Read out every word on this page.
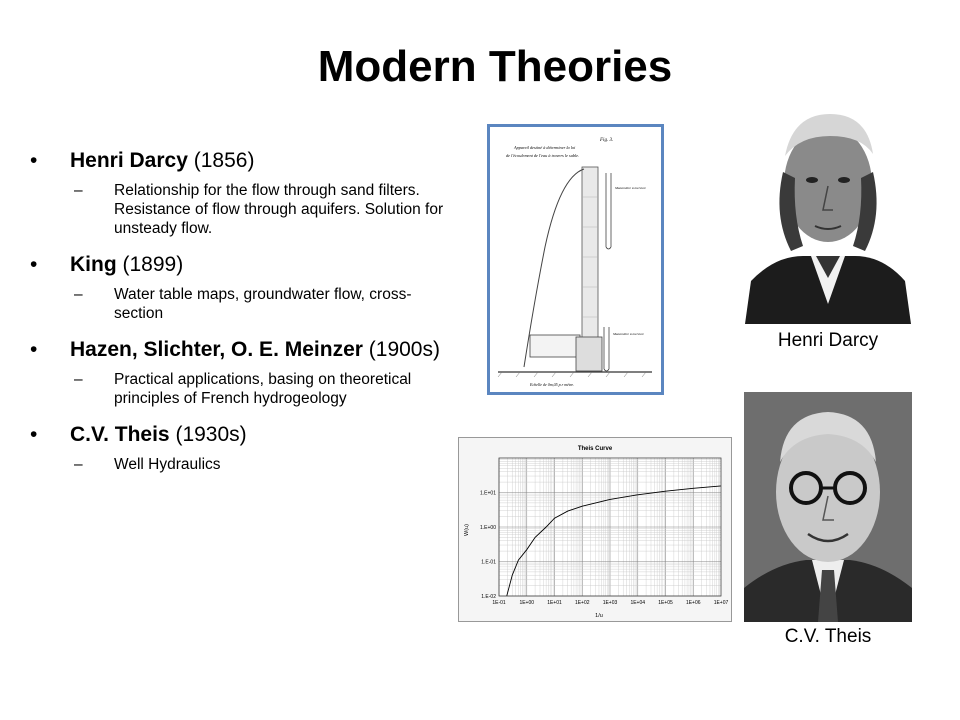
Modern Theories
• Henri Darcy (1856)
– Relationship for the flow through sand filters. Resistance of flow through aquifers. Solution for unsteady flow.
• King (1899)
– Water table maps, groundwater flow, cross-section
• Hazen, Slichter, O. E. Meinzer (1900s)
– Practical applications, basing on theoretical principles of French hydrogeology
• C.V. Theis (1930s)
– Well Hydraulics
Fig. 3.
Appareil destiné à déterminer la loi
de l'écoulement de l'eau à travers le sable.
Manomètre à mercure
Manomètre à mercure
Echelle de 0m,05 p.r mètre.
Henri Darcy
C.V. Theis
Theis Curve
1E-01	1E+00	1E+01	1E+02	1E+03	1E+04	1E+05	1E+06	1E+07
1.E-02
1.E-01
1.E+00
1.E+01
1/u
W(u)
